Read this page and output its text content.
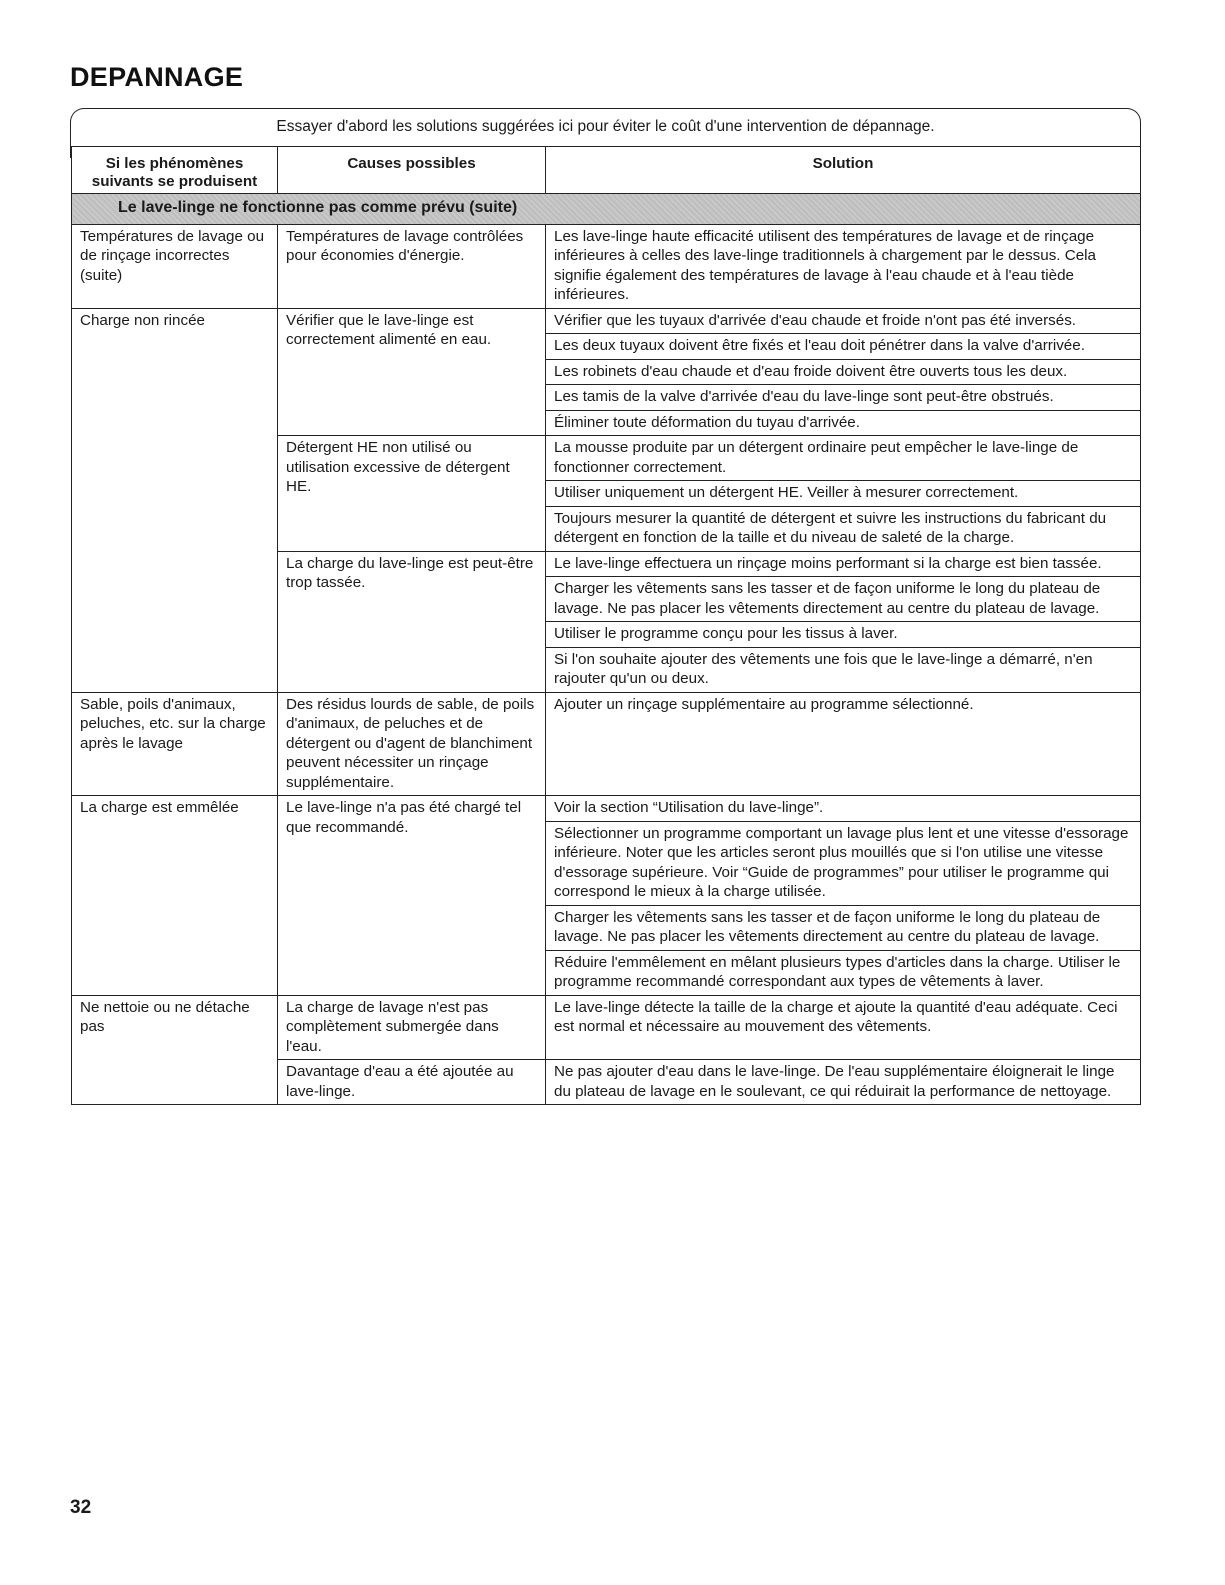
DEPANNAGE

Essayer d'abord les solutions suggérées ici pour éviter le coût d'une intervention de dépannage.

Si les phénomènes suivants se produisent	Causes possibles	Solution
Le lave-linge ne fonctionne pas comme prévu (suite)		
Températures de lavage ou de rinçage incorrectes (suite)	Températures de lavage contrôlées pour économies d'énergie.	Les lave-linge haute efficacité utilisent des températures de lavage et de rinçage inférieures à celles des lave-linge traditionnels à chargement par le dessus. Cela signifie également des températures de lavage à l'eau chaude et à l'eau tiède inférieures.
Charge non rincée	Vérifier que le lave-linge est correctement alimenté en eau.	Vérifier que les tuyaux d'arrivée d'eau chaude et froide n'ont pas été inversés.
		Les deux tuyaux doivent être fixés et l'eau doit pénétrer dans la valve d'arrivée.
		Les robinets d'eau chaude et d'eau froide doivent être ouverts tous les deux.
		Les tamis de la valve d'arrivée d'eau du lave-linge sont peut-être obstrués.
		Éliminer toute déformation du tuyau d'arrivée.
	Détergent HE non utilisé ou utilisation excessive de détergent HE.	La mousse produite par un détergent ordinaire peut empêcher le lave-linge de fonctionner correctement.
		Utiliser uniquement un détergent HE. Veiller à mesurer correctement.
		Toujours mesurer la quantité de détergent et suivre les instructions du fabricant du détergent en fonction de la taille et du niveau de saleté de la charge.
	La charge du lave-linge est peut-être trop tassée.	Le lave-linge effectuera un rinçage moins performant si la charge est bien tassée.
		Charger les vêtements sans les tasser et de façon uniforme le long du plateau de lavage. Ne pas placer les vêtements directement au centre du plateau de lavage.
		Utiliser le programme conçu pour les tissus à laver.
		Si l'on souhaite ajouter des vêtements une fois que le lave-linge a démarré, n'en rajouter qu'un ou deux.
Sable, poils d'animaux, peluches, etc. sur la charge après le lavage	Des résidus lourds de sable, de poils d'animaux, de peluches et de détergent ou d'agent de blanchiment peuvent nécessiter un rinçage supplémentaire.	Ajouter un rinçage supplémentaire au programme sélectionné.
La charge est emmêlée	Le lave-linge n'a pas été chargé tel que recommandé.	Voir la section “Utilisation du lave-linge”.
		Sélectionner un programme comportant un lavage plus lent et une vitesse d'essorage inférieure. Noter que les articles seront plus mouillés que si l'on utilise une vitesse d'essorage supérieure. Voir “Guide de programmes” pour utiliser le programme qui correspond le mieux à la charge utilisée.
		Charger les vêtements sans les tasser et de façon uniforme le long du plateau de lavage. Ne pas placer les vêtements directement au centre du plateau de lavage.
		Réduire l'emmêlement en mêlant plusieurs types d'articles dans la charge. Utiliser le programme recommandé correspondant aux types de vêtements à laver.
Ne nettoie ou ne détache pas	La charge de lavage n'est pas complètement submergée dans l'eau.	Le lave-linge détecte la taille de la charge et ajoute la quantité d'eau adéquate. Ceci est normal et nécessaire au mouvement des vêtements.
	Davantage d'eau a été ajoutée au lave-linge.	Ne pas ajouter d'eau dans le lave-linge. De l'eau supplémentaire éloignerait le linge du plateau de lavage en le soulevant, ce qui réduirait la performance de nettoyage.

32
